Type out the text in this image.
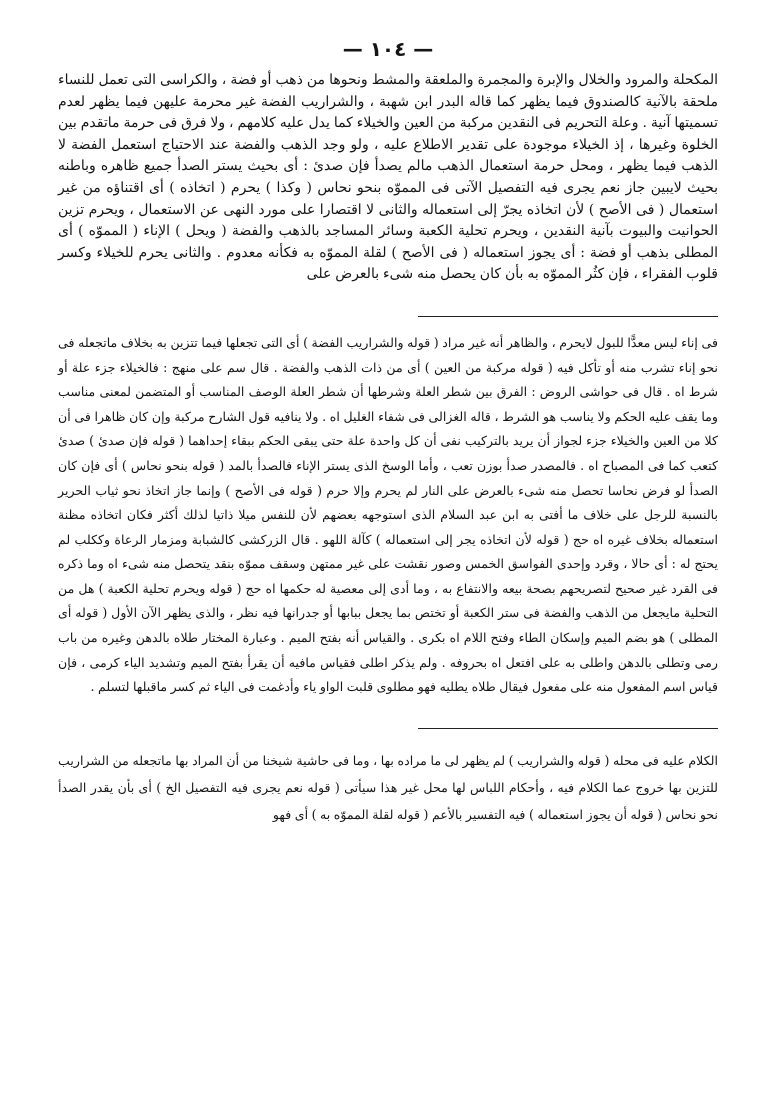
— ١٠٤ —

المكحلة والمرود والخلال والإبرة والمجمرة والملعقة والمشط ونحوها من ذهب أو فضة ، والكراسى التى تعمل للنساء ملحقة بالآنية كالصندوق فيما يظهر كما قاله البدر ابن شهبة ، والشراريب الفضة غير محرمة عليهن فيما يظهر لعدم تسميتها آنية . وعلة التحريم فى النقدين مركبة من العين والخيلاء كما يدل عليه كلامهم ، ولا فرق فى حرمة ماتقدم بين الخلوة وغيرها ، إذ الخيلاء موجودة على تقدير الاطلاع عليه ، ولو وجد الذهب والفضة عند الاحتياج استعمل الفضة لا الذهب فيما يظهر ، ومحل حرمة استعمال الذهب مالم يصدأ فإن صدئ : أى بحيث يستر الصدأ جميع ظاهره وباطنه بحيث لايبين جاز نعم يجرى فيه التفصيل الآتى فى المموّه بنحو نحاس ( وكذا ) يحرم ( اتخاذه ) أى اقتناؤه من غير استعمال ( فى الأصح ) لأن اتخاذه يجرّ إلى استعماله والثانى لا اقتصارا على مورد النهى عن الاستعمال ، ويحرم تزين الحوانيت والبيوت بآنية النقدين ، ويحرم تحلية الكعبة وسائر المساجد بالذهب والفضة ( ويحل ) الإناء ( المموّه ) أى المطلى بذهب أو فضة : أى يجوز استعماله ( فى الأصح ) لقلة المموّه به فكأنه معدوم . والثانى يحرم للخيلاء وكسر قلوب الفقراء ، فإن كثُر المموّه به بأن كان يحصل منه شىء بالعرض على

فى إناء ليس معدًّا للبول لايحرم ، والظاهر أنه غير مراد ( قوله والشراريب الفضة ) أى التى تجعلها فيما تتزين به بخلاف ماتجعله فى نحو إناء تشرب منه أو تأكل فيه ( قوله مركبة من العين ) أى من ذات الذهب والفضة . قال سم على منهج : فالخيلاء جزء علة أو شرط اه . قال فى حواشى الروض : الفرق بين شطر العلة وشرطها أن شطر العلة الوصف المناسب أو المتضمن لمعنى مناسب وما يقف عليه الحكم ولا يناسب هو الشرط ، قاله الغزالى فى شفاء الغليل اه . ولا ينافيه قول الشارح مركبة وإن كان ظاهرا فى أن كلا من العين والخيلاء جزء لجواز أن يريد بالتركيب نفى أن كل واحدة علة حتى يبقى الحكم ببقاء إحداهما ( قوله فإن صدئ ) صدئ كتعب كما فى المصباح اه . فالمصدر صدأ بوزن تعب ، وأما الوسخ الذى يستر الإناء فالصدأ بالمد ( قوله بنحو نحاس ) أى فإن كان الصدأ لو فرض نحاسا تحصل منه شىء بالعرض على النار لم يحرم وإلا حرم ( قوله فى الأصح ) وإنما جاز اتخاذ نحو ثياب الحرير بالنسبة للرجل على خلاف ما أفتى به ابن عبد السلام الذى استوجهه بعضهم لأن للنفس ميلا ذاتيا لذلك أكثر فكان اتخاذه مظنة استعماله بخلاف غيره اه حج ( قوله لأن اتخاذه يجر إلى استعماله ) كآلة اللهو . قال الزركشى كالشبابة ومزمار الرعاة وككلب لم يحتج له : أى حالا ، وقرد وإحدى الفواسق الخمس وصور نقشت على غير ممتهن وسقف مموّه بنقد يتحصل منه شىء اه وما ذكره فى القرد غير صحيح لتصريحهم بصحة بيعه والانتفاع به ، وما أدى إلى معصية له حكمها اه حج ( قوله ويحرم تحلية الكعبة ) هل من التحلية مايجعل من الذهب والفضة فى ستر الكعبة أو تختص بما يجعل ببابها أو جدرانها فيه نظر ، والذى يظهر الآن الأول ( قوله أى المطلى ) هو بضم الميم وإسكان الطاء وفتح اللام اه بكرى . والقياس أنه بفتح الميم . وعبارة المختار طلاه بالدهن وغيره من باب رمى وتطلى بالدهن واطلى به على افتعل اه بحروفه . ولم يذكر اطلى فقياس مافيه أن يقرأ بفتح الميم وتشديد الياء كرمى ، فإن قياس اسم المفعول منه على مفعول فيقال طلاه يطليه فهو مطلوى قلبت الواو ياء وأدغمت فى الياء ثم كسر ماقبلها لتسلم .

الكلام عليه فى محله ( قوله والشراريب ) لم يظهر لى ما مراده بها ، وما فى حاشية شيخنا من أن المراد بها ماتجعله من الشراريب للتزين بها خروج عما الكلام فيه ، وأحكام اللباس لها محل غير هذا سيأتى ( قوله نعم يجرى فيه التفصيل الخ ) أى بأن يقدر الصدأ نحو نحاس ( قوله أن يجوز استعماله ) فيه التفسير بالأعم ( قوله لقلة المموّه به ) أى فهو
